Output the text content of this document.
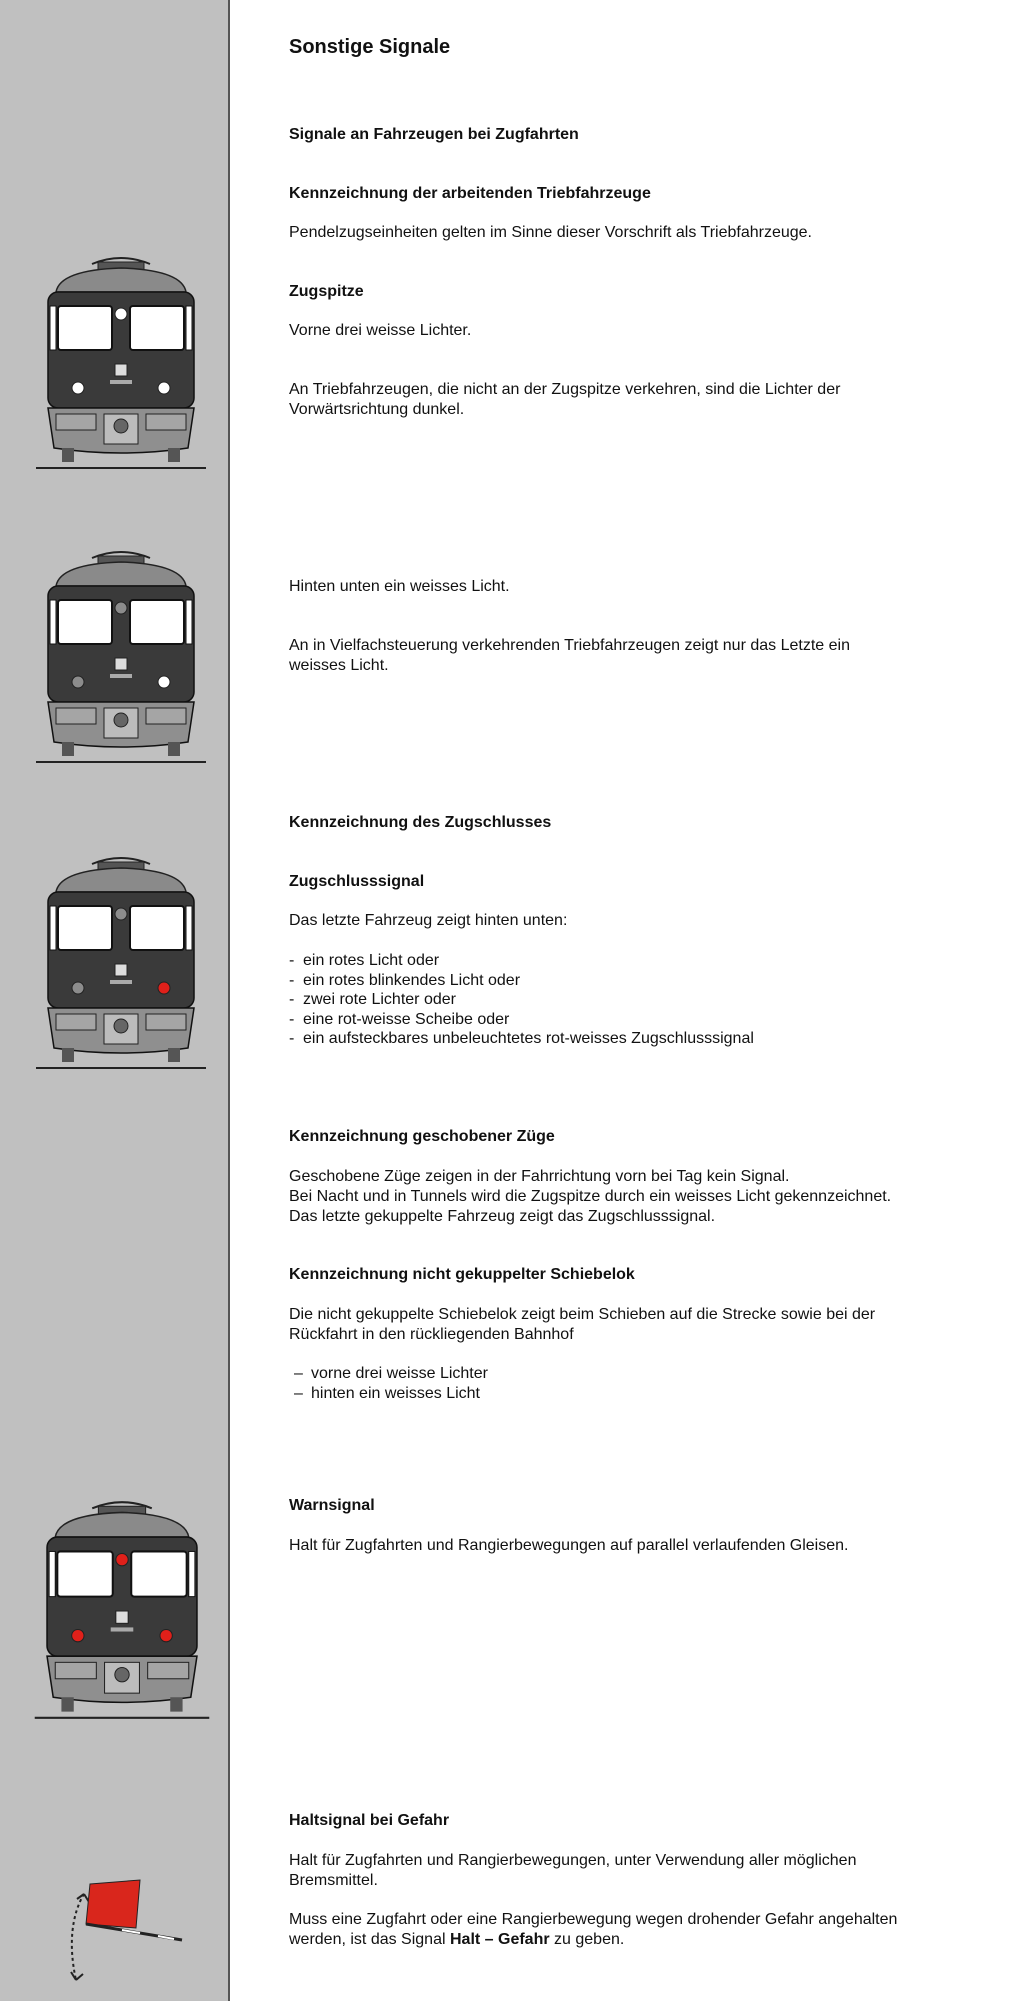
Sonstige Signale
Signale an Fahrzeugen bei Zugfahrten
Kennzeichnung der arbeitenden Triebfahrzeuge

Pendelzugseinheiten gelten im Sinne dieser Vorschrift als Triebfahrzeuge.

Zugspitze

Vorne drei weisse Lichter.

An Triebfahrzeugen, die nicht an der Zugspitze verkehren, sind die Lichter der
Vorwärtsrichtung dunkel.

Hinten unten ein weisses Licht.

An in Vielfachsteuerung verkehrenden Triebfahrzeugen zeigt nur das Letzte ein
weisses Licht.
Kennzeichnung des Zugschlusses
Zugschlusssignal

Das letzte Fahrzeug zeigt hinten unten:

- ein rotes Licht oder
- ein rotes blinkendes Licht oder
- zwei rote Lichter oder
- eine rot-weisse Scheibe oder
- ein aufsteckbares unbeleuchtetes rot-weisses Zugschlusssignal
Kennzeichnung geschobener Züge
Geschobene Züge zeigen in der Fahrrichtung vorn bei Tag kein Signal.
Bei Nacht und in Tunnels wird die Zugspitze durch ein weisses Licht gekennzeichnet.
Das letzte gekuppelte Fahrzeug zeigt das Zugschlusssignal.
Kennzeichnung nicht gekuppelter Schiebelok
Die nicht gekuppelte Schiebelok zeigt beim Schieben auf die Strecke sowie bei der
Rückfahrt in den rückliegenden Bahnhof
– vorne drei weisse Lichter
– hinten ein weisses Licht
Warnsignal

Halt für Zugfahrten und Rangierbewegungen auf parallel verlaufenden Gleisen.

Haltsignal bei Gefahr
Halt für Zugfahrten und Rangierbewegungen, unter Verwendung aller möglichen
Bremsmittel.
Muss eine Zugfahrt oder eine Rangierbewegung wegen drohender Gefahr angehalten
werden, ist das Signal Halt – Gefahr zu geben.
